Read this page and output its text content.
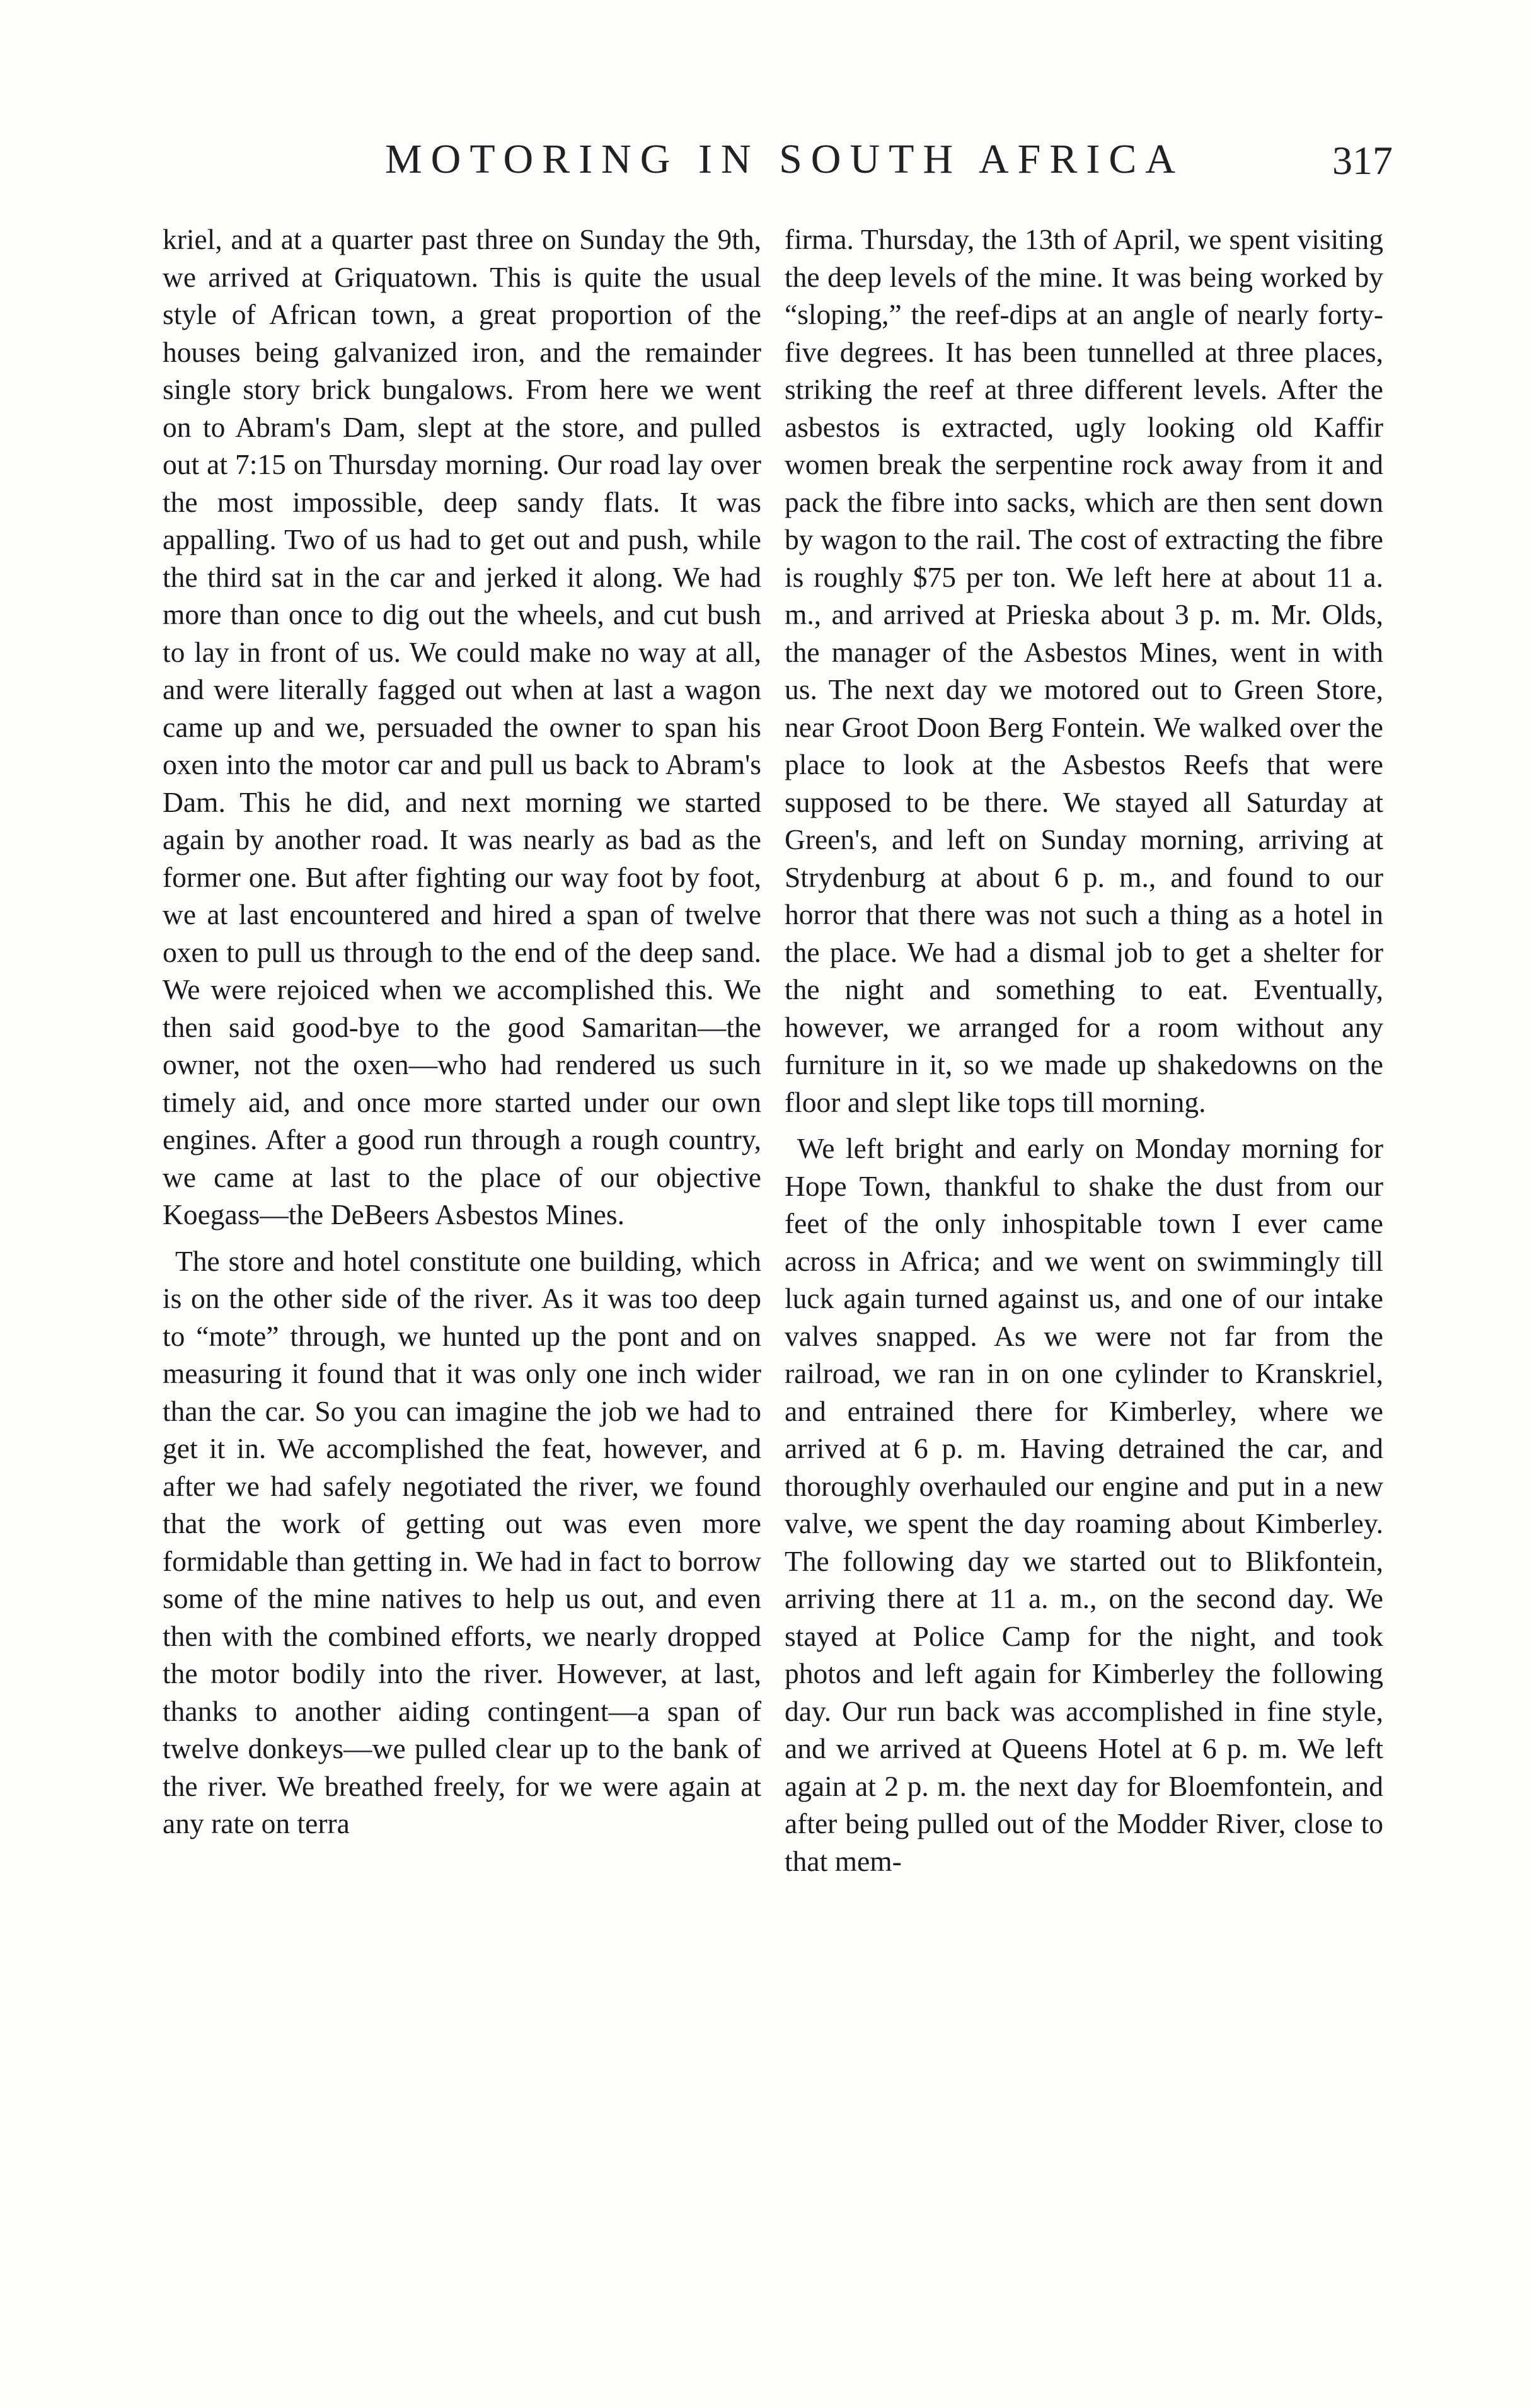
MOTORING IN SOUTH AFRICA	317

kriel, and at a quarter past three on Sunday the 9th, we arrived at Griquatown. This is quite the usual style of African town, a great proportion of the houses being galvanized iron, and the remainder single story brick bungalows. From here we went on to Abram's Dam, slept at the store, and pulled out at 7:15 on Thursday morning. Our road lay over the most impossible, deep sandy flats. It was appalling. Two of us had to get out and push, while the third sat in the car and jerked it along. We had more than once to dig out the wheels, and cut bush to lay in front of us. We could make no way at all, and were literally fagged out when at last a wagon came up and we, persuaded the owner to span his oxen into the motor car and pull us back to Abram's Dam. This he did, and next morning we started again by another road. It was nearly as bad as the former one. But after fighting our way foot by foot, we at last encountered and hired a span of twelve oxen to pull us through to the end of the deep sand. We were rejoiced when we accomplished this. We then said good-bye to the good Samaritan—the owner, not the oxen—who had rendered us such timely aid, and once more started under our own engines. After a good run through a rough country, we came at last to the place of our objective Koegass—the DeBeers Asbestos Mines.

The store and hotel constitute one building, which is on the other side of the river. As it was too deep to “mote” through, we hunted up the pont and on measuring it found that it was only one inch wider than the car. So you can imagine the job we had to get it in. We accomplished the feat, however, and after we had safely negotiated the river, we found that the work of getting out was even more formidable than getting in. We had in fact to borrow some of the mine natives to help us out, and even then with the combined efforts, we nearly dropped the motor bodily into the river. However, at last, thanks to another aiding contingent—a span of twelve donkeys—we pulled clear up to the bank of the river. We breathed freely, for we were again at any rate on terra

firma. Thursday, the 13th of April, we spent visiting the deep levels of the mine. It was being worked by “sloping,” the reef-dips at an angle of nearly forty-five degrees. It has been tunnelled at three places, striking the reef at three different levels. After the asbestos is extracted, ugly looking old Kaffir women break the serpentine rock away from it and pack the fibre into sacks, which are then sent down by wagon to the rail. The cost of extracting the fibre is roughly $75 per ton. We left here at about 11 a. m., and arrived at Prieska about 3 p. m. Mr. Olds, the manager of the Asbestos Mines, went in with us. The next day we motored out to Green Store, near Groot Doon Berg Fontein. We walked over the place to look at the Asbestos Reefs that were supposed to be there. We stayed all Saturday at Green's, and left on Sunday morning, arriving at Strydenburg at about 6 p. m., and found to our horror that there was not such a thing as a hotel in the place. We had a dismal job to get a shelter for the night and something to eat. Eventually, however, we arranged for a room without any furniture in it, so we made up shakedowns on the floor and slept like tops till morning.

We left bright and early on Monday morning for Hope Town, thankful to shake the dust from our feet of the only inhospitable town I ever came across in Africa; and we went on swimmingly till luck again turned against us, and one of our intake valves snapped. As we were not far from the railroad, we ran in on one cylinder to Kranskriel, and entrained there for Kimberley, where we arrived at 6 p. m. Having detrained the car, and thoroughly overhauled our engine and put in a new valve, we spent the day roaming about Kimberley. The following day we started out to Blikfontein, arriving there at 11 a. m., on the second day. We stayed at Police Camp for the night, and took photos and left again for Kimberley the following day. Our run back was accomplished in fine style, and we arrived at Queens Hotel at 6 p. m. We left again at 2 p. m. the next day for Bloemfontein, and after being pulled out of the Modder River, close to that mem-
